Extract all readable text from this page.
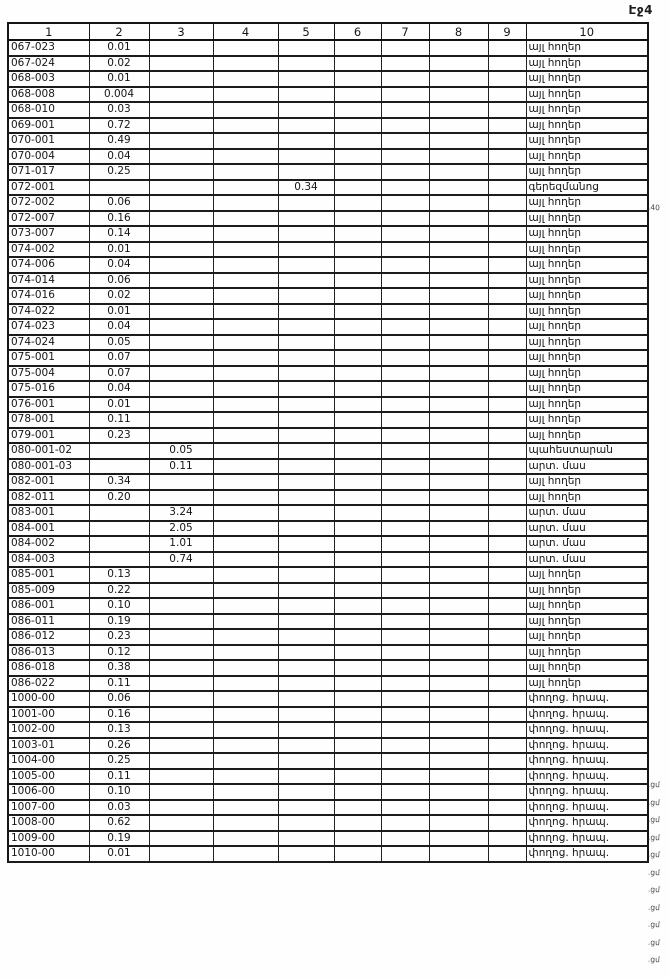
Էջ4
1	2	3	4	5	6	7	8	9	10
067-023	0.01								այլ հողեր
067-024	0.02								այլ հողեր
068-003	0.01								այլ հողեր
068-008	0.004								այլ հողեր
068-010	0.03								այլ հողեր
069-001	0.72								այլ հողեր
070-001	0.49								այլ հողեր
070-004	0.04								այլ հողեր
071-017	0.25								այլ հողեր
072-001				0.34					գերեզմանոց
072-002	0.06								այլ հողեր
072-007	0.16								այլ հողեր
073-007	0.14								այլ հողեր
074-002	0.01								այլ հողեր
074-006	0.04								այլ հողեր
074-014	0.06								այլ հողեր
074-016	0.02								այլ հողեր
074-022	0.01								այլ հողեր
074-023	0.04								այլ հողեր
074-024	0.05								այլ հողեր
075-001	0.07								այլ հողեր
075-004	0.07								այլ հողեր
075-016	0.04								այլ հողեր
076-001	0.01								այլ հողեր
078-001	0.11								այլ հողեր
079-001	0.23								այլ հողեր
080-001-02		0.05							պահեստարան
080-001-03		0.11							արտ. մաս
082-001	0.34								այլ հողեր
082-011	0.20								այլ հողեր
083-001		3.24							արտ. մաս
084-001		2.05							արտ. մաս
084-002		1.01							արտ. մաս
084-003		0.74							արտ. մաս
085-001	0.13								այլ հողեր
085-009	0.22								այլ հողեր
086-001	0.10								այլ հողեր
086-011	0.19								այլ հողեր
086-012	0.23								այլ հողեր
086-013	0.12								այլ հողեր
086-018	0.38								այլ հողեր
086-022	0.11								այլ հողեր
1000-00	0.06								փողոց. հրապ.
1001-00	0.16								փողոց. հրապ.
1002-00	0.13								փողոց. հրապ.
1003-01	0.26								փողոց. հրապ.
1004-00	0.25								փողոց. հրապ.
1005-00	0.11								փողոց. հրապ.
1006-00	0.10								փողոց. հրապ.
1007-00	0.03								փողոց. հրապ.
1008-00	0.62								փողոց. հրապ.
1009-00	0.19								փողոց. հրապ.
1010-00	0.01								փողոց. հրապ.
.40
.ցմ
.ցմ
.ցմ
.ցմ
.ցմ
.ցմ
.ցմ
.ցմ
.ցմ
.ցմ
.ցմ
